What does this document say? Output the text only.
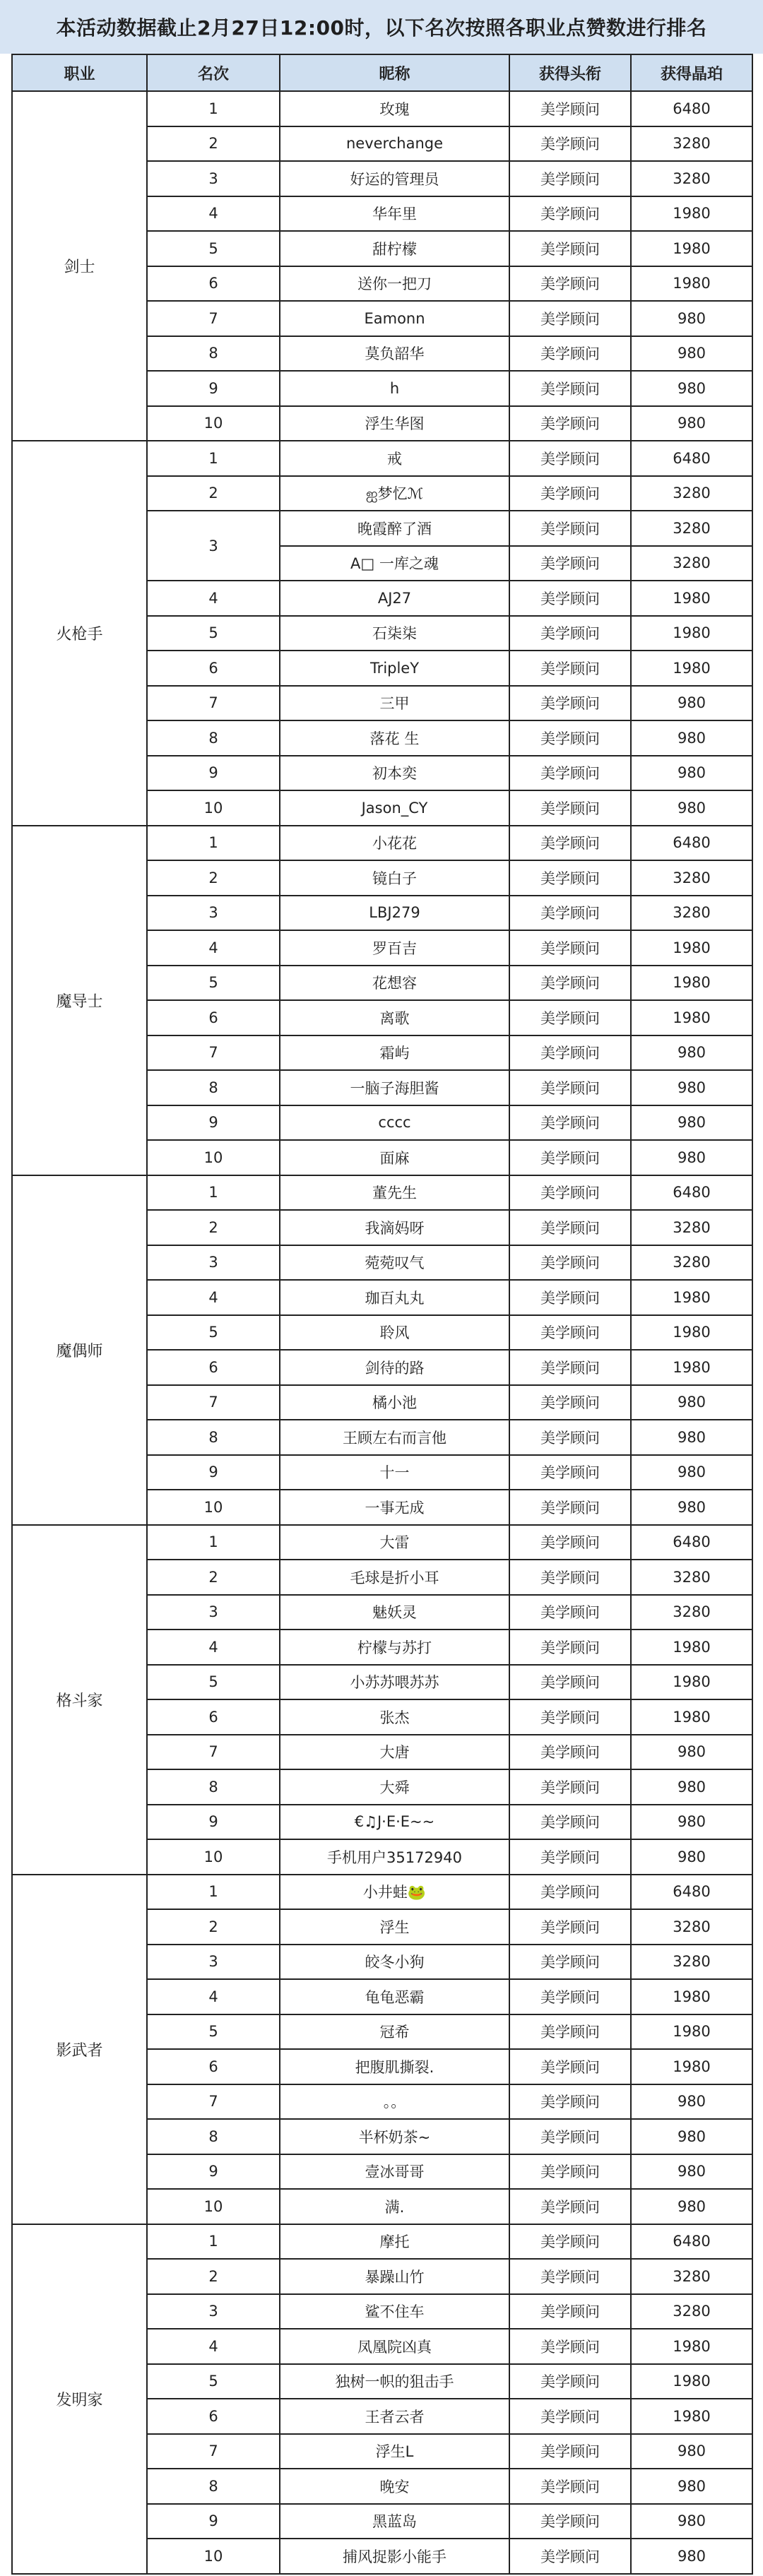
本活动数据截止2月27日12:00时，以下名次按照各职业点赞数进行排名
职业	名次	昵称	获得头衔	获得晶珀
剑士	1	玫瑰	美学顾问	6480
	2	neverchange	美学顾问	3280
	3	好运的管理员	美学顾问	3280
	4	华年里	美学顾问	1980
	5	甜柠檬	美学顾问	1980
	6	送你一把刀	美学顾问	1980
	7	Eamonn	美学顾问	980
	8	莫负韶华	美学顾问	980
	9	h	美学顾问	980
	10	浮生华图	美学顾问	980
火枪手	1	戒	美学顾问	6480
	2	ஐ梦忆ℳ	美学顾问	3280
	3	晚霞醉了酒	美学顾问	3280
		A□ 一库之魂	美学顾问	3280
	4	AJ27	美学顾问	1980
	5	石柒柒	美学顾问	1980
	6	TripleY	美学顾问	1980
	7	三甲	美学顾问	980
	8	落花 生	美学顾问	980
	9	初本奕	美学顾问	980
	10	Jason_CY	美学顾问	980
魔导士	1	小花花	美学顾问	6480
	2	镜白子	美学顾问	3280
	3	LBJ279	美学顾问	3280
	4	罗百吉	美学顾问	1980
	5	花想容	美学顾问	1980
	6	离歌	美学顾问	1980
	7	霜屿	美学顾问	980
	8	一脑子海胆酱	美学顾问	980
	9	cccc	美学顾问	980
	10	面麻	美学顾问	980
魔偶师	1	董先生	美学顾问	6480
	2	我滴妈呀	美学顾问	3280
	3	菀菀叹气	美学顾问	3280
	4	珈百丸丸	美学顾问	1980
	5	聆风	美学顾问	1980
	6	剑待的路	美学顾问	1980
	7	橘小池	美学顾问	980
	8	王顾左右而言他	美学顾问	980
	9	十一	美学顾问	980
	10	一事无成	美学顾问	980
格斗家	1	大雷	美学顾问	6480
	2	毛球是折小耳	美学顾问	3280
	3	魅妖灵	美学顾问	3280
	4	柠檬与苏打	美学顾问	1980
	5	小苏苏喂苏苏	美学顾问	1980
	6	张杰	美学顾问	1980
	7	大唐	美学顾问	980
	8	大舜	美学顾问	980
	9	€♫J·E·E~~	美学顾问	980
	10	手机用户35172940	美学顾问	980
影武者	1	小井蛙🐸	美学顾问	6480
	2	浮生	美学顾问	3280
	3	皎冬小狗	美学顾问	3280
	4	龟龟恶霸	美学顾问	1980
	5	冠希	美学顾问	1980
	6	把腹肌撕裂.	美学顾问	1980
	7	。。	美学顾问	980
	8	半杯奶茶~	美学顾问	980
	9	壹冰哥哥	美学顾问	980
	10	满.	美学顾问	980
发明家	1	摩托	美学顾问	6480
	2	暴躁山竹	美学顾问	3280
	3	鲨不住车	美学顾问	3280
	4	凤凰院凶真	美学顾问	1980
	5	独树一帜的狙击手	美学顾问	1980
	6	王者云者	美学顾问	1980
	7	浮生L	美学顾问	980
	8	晚安	美学顾问	980
	9	黑蓝岛	美学顾问	980
	10	捕风捉影小能手	美学顾问	980
